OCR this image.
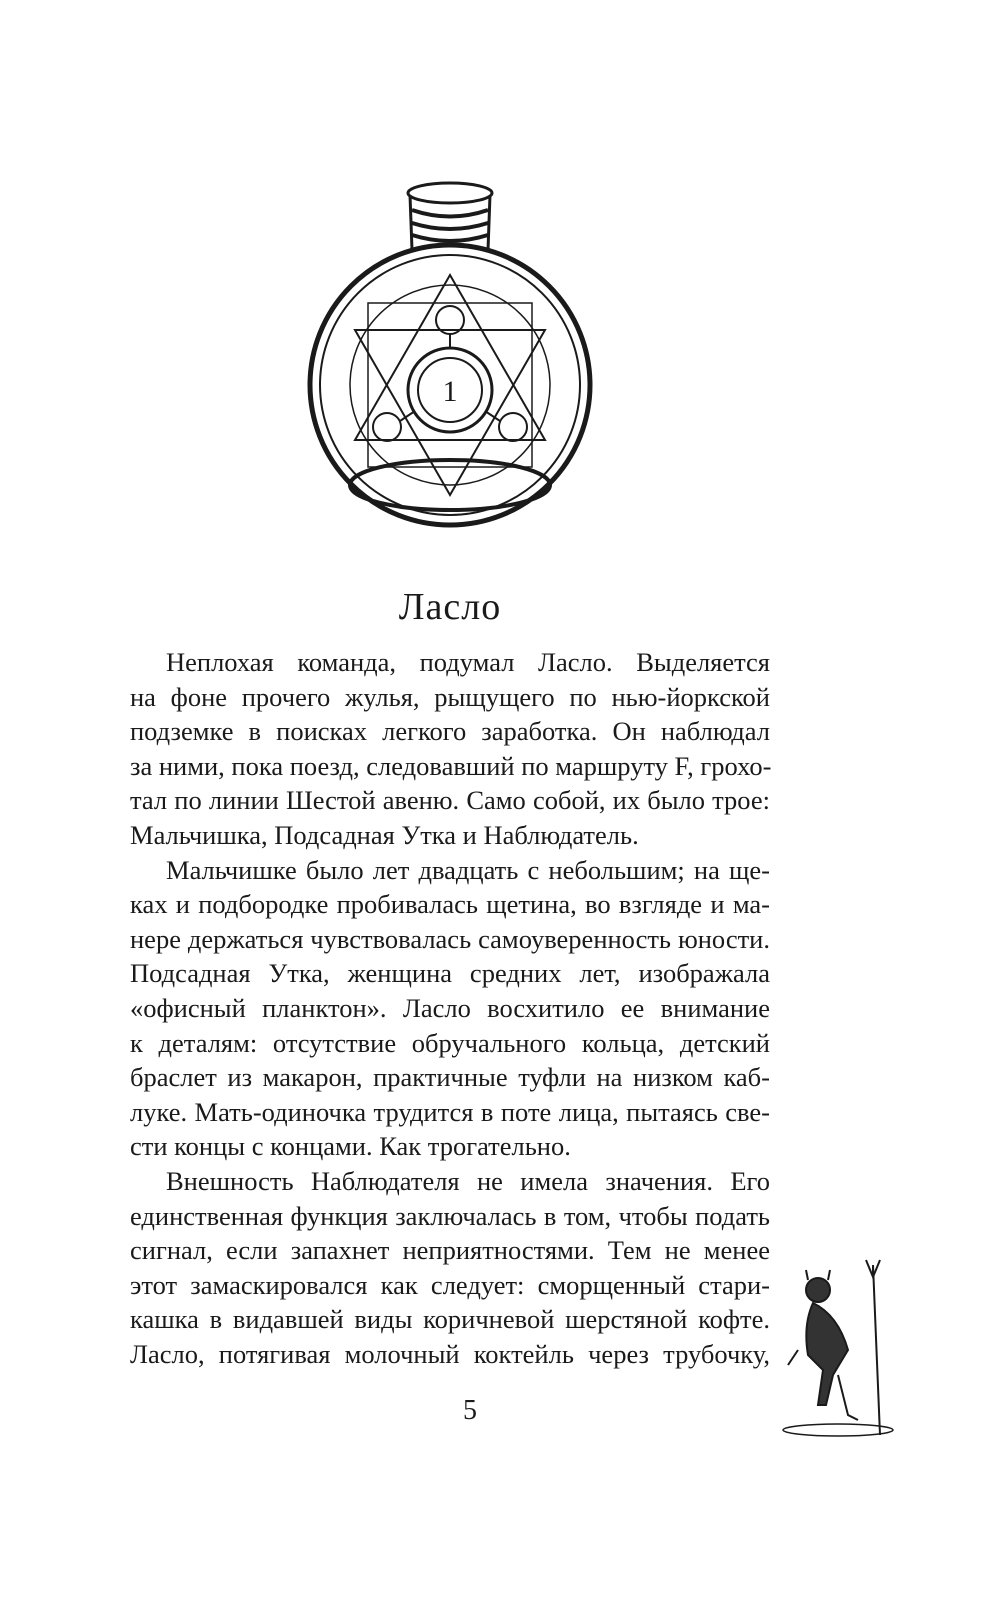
1
Ласло
Неплохая команда, подумал Ласло. Выделяется
на фоне прочего жулья, рыщущего по нью-йоркской
подземке в поисках легкого заработка. Он наблюдал
за ними, пока поезд, следовавший по маршруту F, грохо-
тал по линии Шестой авеню. Само собой, их было трое:
Мальчишка, Подсадная Утка и Наблюдатель.
Мальчишке было лет двадцать с небольшим; на ще-
ках и подбородке пробивалась щетина, во взгляде и ма-
нере держаться чувствовалась самоуверенность юности.
Подсадная Утка, женщина средних лет, изображала
«офисный планктон». Ласло восхитило ее внимание
к деталям: отсутствие обручального кольца, детский
браслет из макарон, практичные туфли на низком каб-
луке. Мать-одиночка трудится в поте лица, пытаясь све-
сти концы с концами. Как трогательно.
Внешность Наблюдателя не имела значения. Его
единственная функция заключалась в том, чтобы подать
сигнал, если запахнет неприятностями. Тем не менее
этот замаскировался как следует: сморщенный стари-
кашка в видавшей виды коричневой шерстяной кофте.
Ласло, потягивая молочный коктейль через трубочку,
5
